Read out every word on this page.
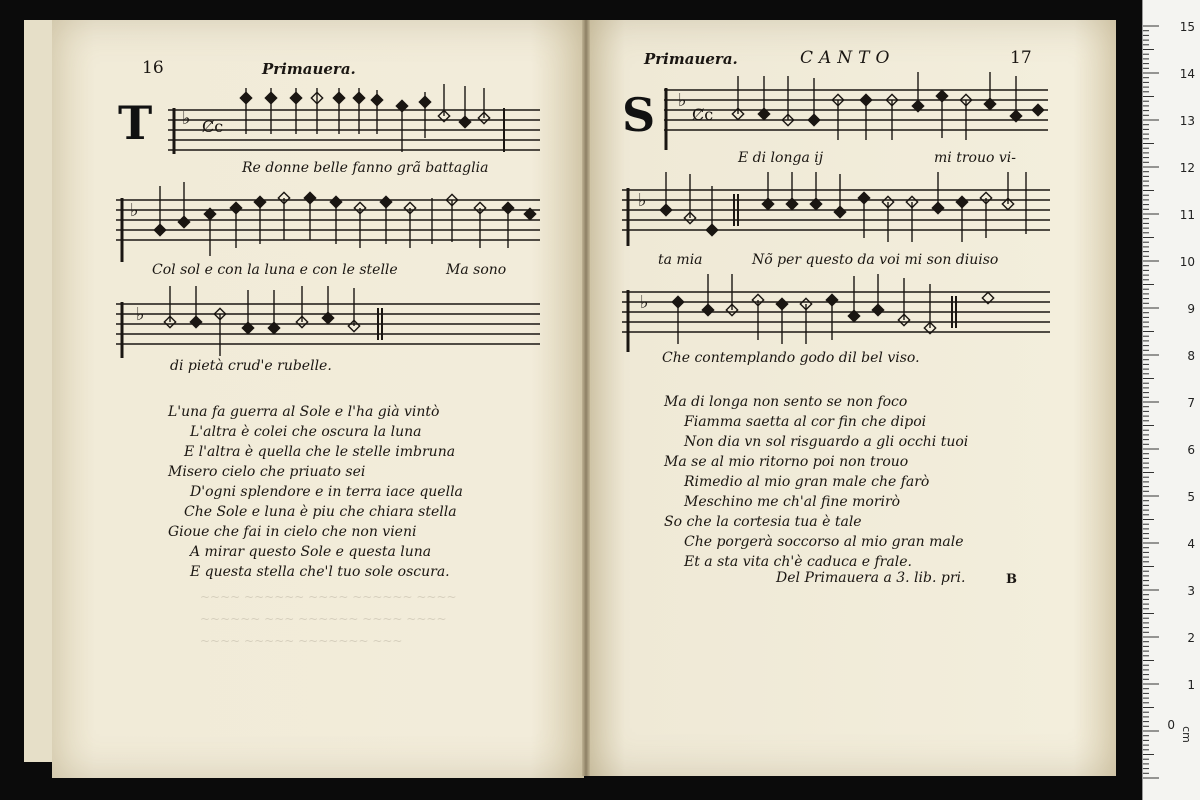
~~~~ ~~~~~~ ~~~~ ~~~~~~ ~~~~
~~~~~~ ~~~ ~~~~~~ ~~~~ ~~~~
~~~~ ~~~~~ ~~~~~~~ ~~~
16	Primauera.
T ♭ Ȼc
Re donne belle fanno grã battaglia
♭
Col sol e con la luna e con le stelle	Ma sono
♭
di pietà crud'e rubelle.
L'una fa guerra al Sole e l'ha già vintò
L'altra è colei che oscura la luna
E l'altra è quella che le stelle imbruna
Misero cielo che priuato sei
D'ogni splendore e in terra iace quella
Che Sole e luna è piu che chiara stella
Gioue che fai in cielo che non vieni
A mirar questo Sole e questa luna
E questa stella che'l tuo sole oscura.
Primauera.	CANTO	17
S ♭
Ȼc
E di longa ij	mi trouo vi-
♭
ta mia	Nõ per questo da voi mi son diuiso
♭
Che contemplando godo dil bel viso.
Ma di longa non sento se non foco
Fiamma saetta al cor fin che dipoi
Non dia vn sol risguardo a gli occhi tuoi
Ma se al mio ritorno poi non trouo
Rimedio al mio gran male che farò
Meschino me ch'al fine morirò
So che la cortesia tua è tale
Che porgerà soccorso al mio gran male
Et a sta vita ch'è caduca e frale.
Del Primauera a 3. lib. pri.	B
15
14
13
12
11
10
9
8
7
6
5
4
3
2
1
0
cm
